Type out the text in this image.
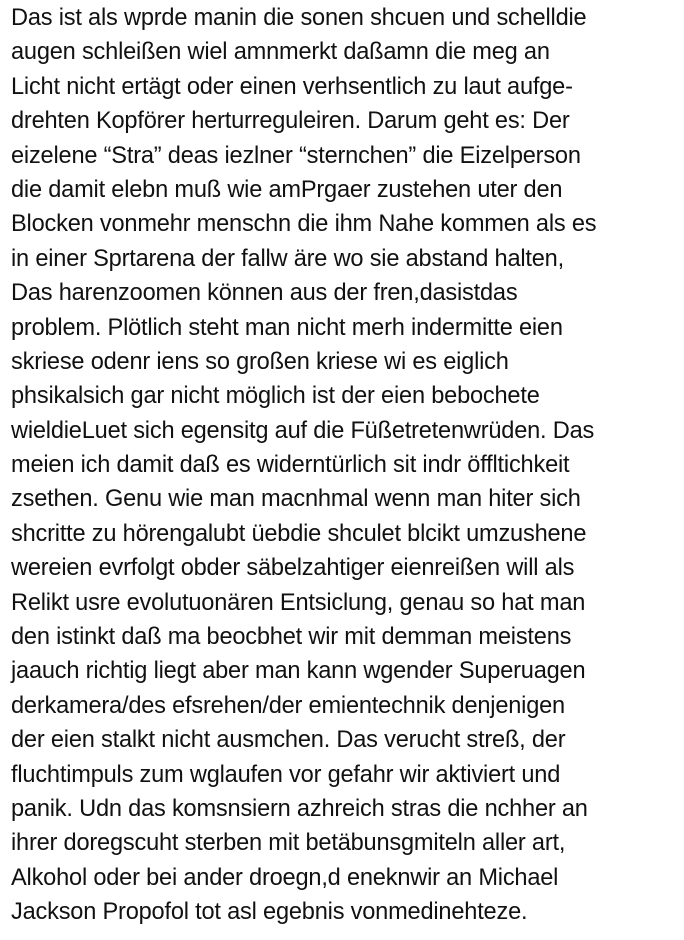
Das ist als wprde manin die sonen shcuen und schelldie
augen schleißen wiel amnmerkt daßamn die meg an
Licht nicht ertägt oder einen verhsentlich zu laut aufge-
drehten Kopförer herturreguleiren. Darum geht es: Der
eizelene “Stra” deas iezlner “sternchen” die Eizelperson
die damit elebn muß wie amPrgaer zustehen uter den
Blocken vonmehr menschn die ihm Nahe kommen als es
in einer Sprtarena der fallw äre wo sie abstand halten,
Das harenzoomen können aus der fren,dasistdas
problem. Plötlich steht man nicht merh indermitte eien
skriese odenr iens so großen kriese wi es eiglich
phsikalsich gar nicht möglich ist der eien bebochete
wieldieLuet sich egensitg auf die Füßetretenwrüden. Das
meien ich damit daß es widerntürlich sit indr öffltichkeit
zsethen. Genu wie man macnhmal wenn man hiter sich
shcritte zu hörengalubt üebdie shculet blcikt umzushene
wereien evrfolgt obder säbelzahtiger eienreißen will als
Relikt usre evolutuonären Entsiclung, genau so hat man
den istinkt daß ma beocbhet wir mit demman meistens
jaauch richtig liegt aber man kann wgender Superuagen
derkamera/des efsrehen/der emientechnik denjenigen
der eien stalkt nicht ausmchen. Das verucht streß, der
fluchtimpuls zum wglaufen vor gefahr wir aktiviert und
panik. Udn das komsnsiern azhreich stras die nchher an
ihrer doregscuht sterben mit betäbunsgmiteln aller art,
Alkohol oder bei ander droegn,d eneknwir an Michael
Jackson Propofol tot asl egebnis vonmedinehteze.
